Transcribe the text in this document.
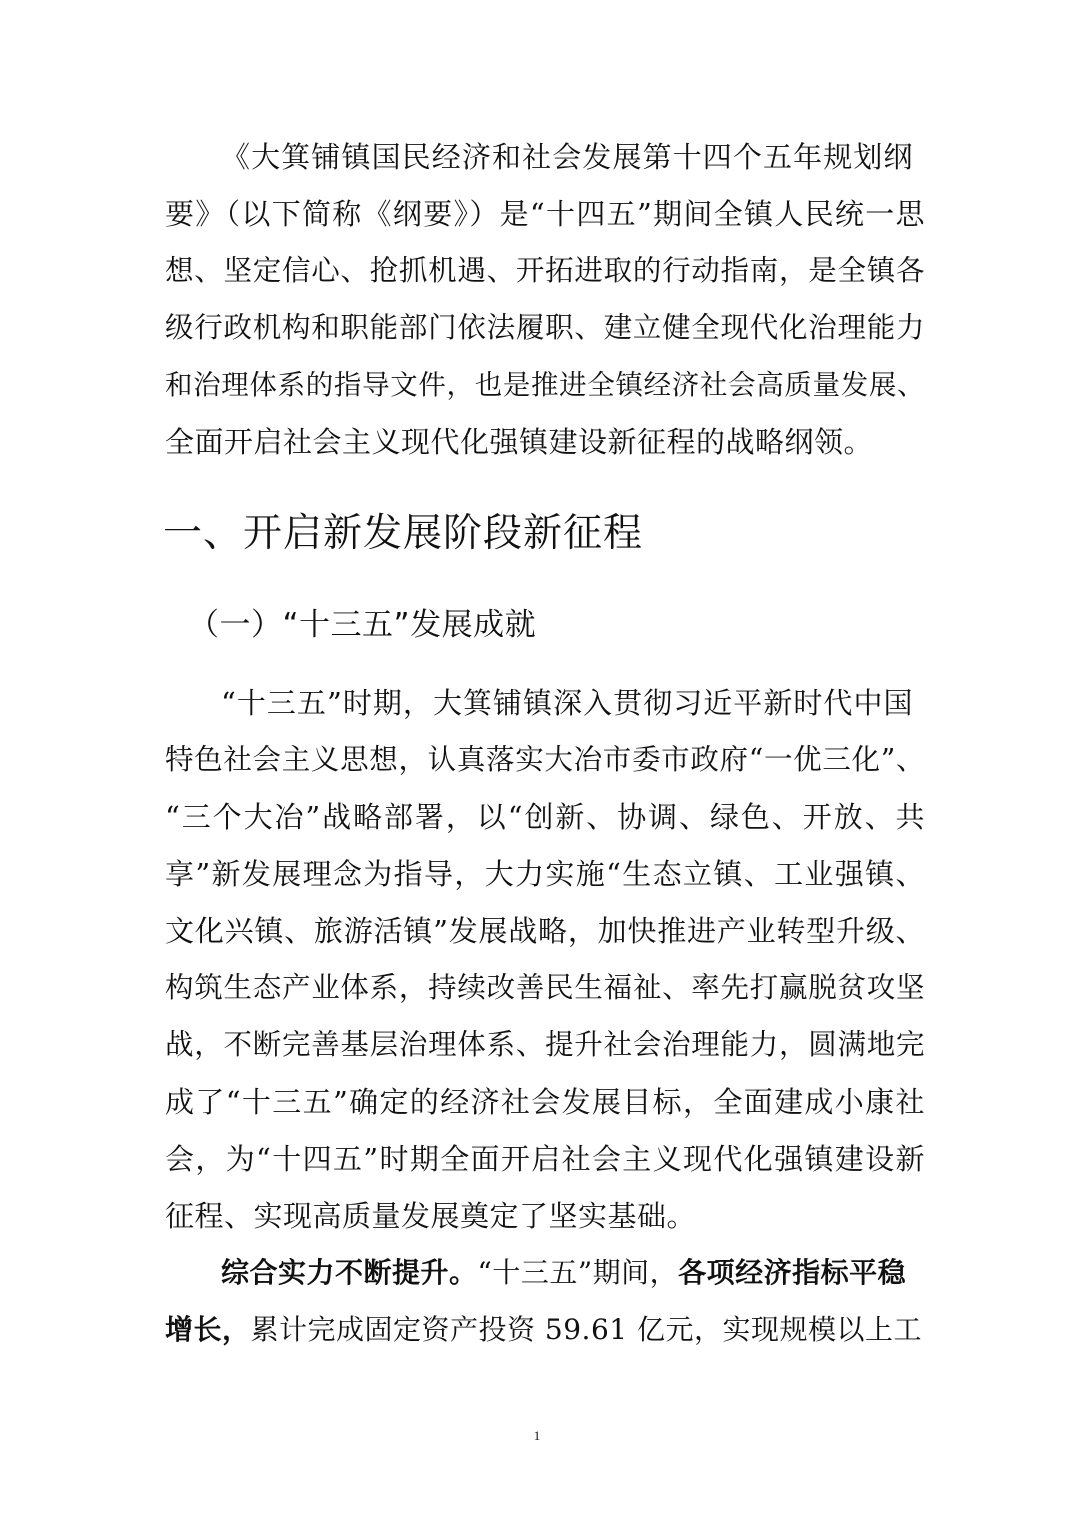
《大箕铺镇国民经济和社会发展第十四个五年规划纲
要》（以下简称《纲要》）是“十四五”期间全镇人民统一思
想、坚定信心、抢抓机遇、开拓进取的行动指南，是全镇各
级行政机构和职能部门依法履职、建立健全现代化治理能力
和治理体系的指导文件，也是推进全镇经济社会高质量发展、
全面开启社会主义现代化强镇建设新征程的战略纲领。
一、开启新发展阶段新征程
（一）“十三五”发展成就
“十三五”时期，大箕铺镇深入贯彻习近平新时代中国
特色社会主义思想，认真落实大冶市委市政府“一优三化”、
“三个大冶”战略部署，以“创新、协调、绿色、开放、共
享”新发展理念为指导，大力实施“生态立镇、工业强镇、
文化兴镇、旅游活镇”发展战略，加快推进产业转型升级、
构筑生态产业体系，持续改善民生福祉、率先打赢脱贫攻坚
战，不断完善基层治理体系、提升社会治理能力，圆满地完
成了“十三五”确定的经济社会发展目标，全面建成小康社
会，为“十四五”时期全面开启社会主义现代化强镇建设新
征程、实现高质量发展奠定了坚实基础。
综合实力不断提升。“十三五”期间，各项经济指标平稳
增长，累计完成固定资产投资 59.61 亿元，实现规模以上工
1
